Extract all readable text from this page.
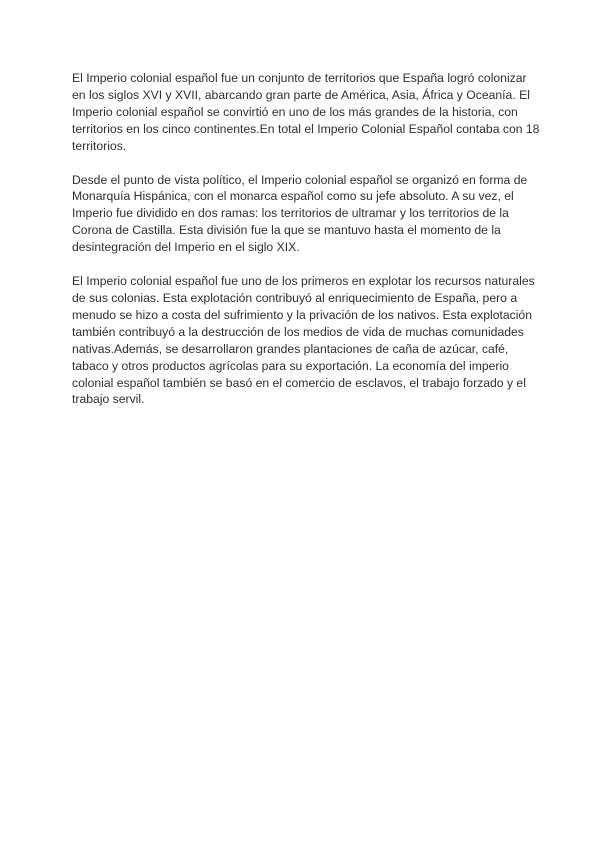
El Imperio colonial español fue un conjunto de territorios que España logró colonizar en los siglos XVI y XVII, abarcando gran parte de América, Asia, África y Oceanía. El Imperio colonial español se convirtió en uno de los más grandes de la historia, con territorios en los cinco continentes.En total el Imperio Colonial Español contaba con 18 territorios.

Desde el punto de vista político, el Imperio colonial español se organizó en forma de Monarquía Hispánica, con el monarca español como su jefe absoluto. A su vez, el Imperio fue dividido en dos ramas: los territorios de ultramar y los territorios de la Corona de Castilla. Esta división fue la que se mantuvo hasta el momento de la desintegración del Imperio en el siglo XIX.

El Imperio colonial español fue uno de los primeros en explotar los recursos naturales de sus colonias. Esta explotación contribuyó al enriquecimiento de España, pero a menudo se hizo a costa del sufrimiento y la privación de los nativos. Esta explotación también contribuyó a la destrucción de los medios de vida de muchas comunidades nativas.Además, se desarrollaron grandes plantaciones de caña de azúcar, café, tabaco y otros productos agrícolas para su exportación. La economía del imperio colonial español también se basó en el comercio de esclavos, el trabajo forzado y el trabajo servil.
